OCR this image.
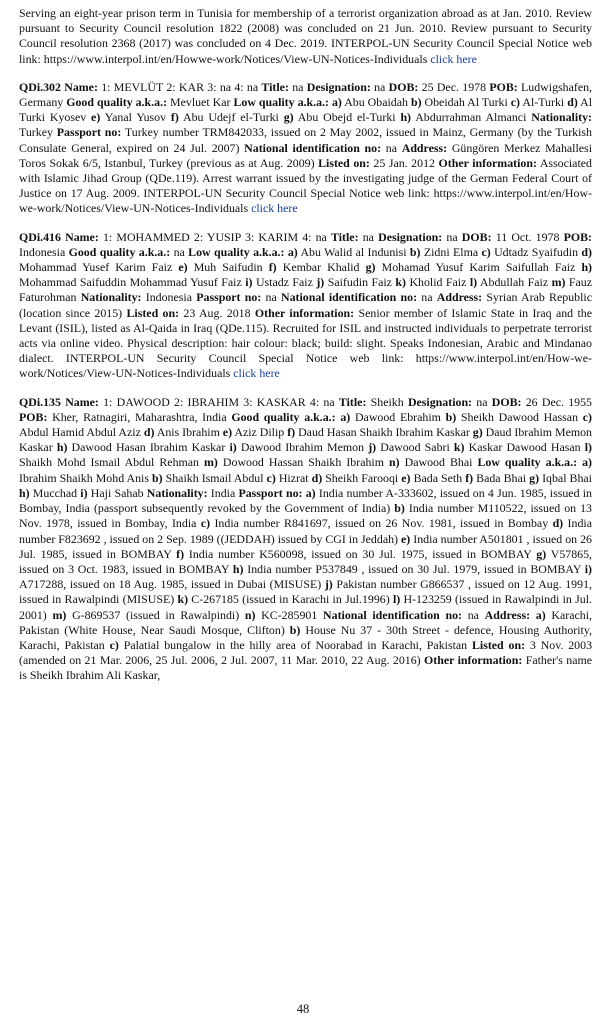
Serving an eight-year prison term in Tunisia for membership of a terrorist organization abroad as at Jan. 2010. Review pursuant to Security Council resolution 1822 (2008) was concluded on 21 Jun. 2010. Review pursuant to Security Council resolution 2368 (2017) was concluded on 4 Dec. 2019. INTERPOL-UN Security Council Special Notice web link: https://www.interpol.int/en/Howwe-work/Notices/View-UN-Notices-Individuals click here

QDi.302 Name: 1: MEVLÜT 2: KAR 3: na 4: na Title: na Designation: na DOB: 25 Dec. 1978 POB: Ludwigshafen, Germany Good quality a.k.a.: Mevluet Kar Low quality a.k.a.: a) Abu Obaidah b) Obeidah Al Turki c) Al-Turki d) Al Turki Kyosev e) Yanal Yusov f) Abu Udejf el-Turki g) Abu Obejd el-Turki h) Abdurrahman Almanci Nationality: Turkey Passport no: Turkey number TRM842033, issued on 2 May 2002, issued in Mainz, Germany (by the Turkish Consulate General, expired on 24 Jul. 2007) National identification no: na Address: Güngören Merkez Mahallesi Toros Sokak 6/5, Istanbul, Turkey (previous as at Aug. 2009) Listed on: 25 Jan. 2012 Other information: Associated with Islamic Jihad Group (QDe.119). Arrest warrant issued by the investigating judge of the German Federal Court of Justice on 17 Aug. 2009. INTERPOL-UN Security Council Special Notice web link: https://www.interpol.int/en/How-we-work/Notices/View-UN-Notices-Individuals click here

QDi.416 Name: 1: MOHAMMED 2: YUSIP 3: KARIM 4: na Title: na Designation: na DOB: 11 Oct. 1978 POB: Indonesia Good quality a.k.a.: na Low quality a.k.a.: a) Abu Walid al Indunisi b) Zidni Elma c) Udtadz Syaifudin d) Mohammad Yusef Karim Faiz e) Muh Saifudin f) Kembar Khalid g) Mohamad Yusuf Karim Saifullah Faiz h) Mohammad Saifuddin Mohammad Yusuf Faiz i) Ustadz Faiz j) Saifudin Faiz k) Kholid Faiz l) Abdullah Faiz m) Fauz Faturohman Nationality: Indonesia Passport no: na National identification no: na Address: Syrian Arab Republic (location since 2015) Listed on: 23 Aug. 2018 Other information: Senior member of Islamic State in Iraq and the Levant (ISIL), listed as Al-Qaida in Iraq (QDe.115). Recruited for ISIL and instructed individuals to perpetrate terrorist acts via online video. Physical description: hair colour: black; build: slight. Speaks Indonesian, Arabic and Mindanao dialect. INTERPOL-UN Security Council Special Notice web link: https://www.interpol.int/en/How-we-work/Notices/View-UN-Notices-Individuals click here

QDi.135 Name: 1: DAWOOD 2: IBRAHIM 3: KASKAR 4: na Title: Sheikh Designation: na DOB: 26 Dec. 1955 POB: Kher, Ratnagiri, Maharashtra, India Good quality a.k.a.: a) Dawood Ebrahim b) Sheikh Dawood Hassan c) Abdul Hamid Abdul Aziz d) Anis Ibrahim e) Aziz Dilip f) Daud Hasan Shaikh Ibrahim Kaskar g) Daud Ibrahim Memon Kaskar h) Dawood Hasan Ibrahim Kaskar i) Dawood Ibrahim Memon j) Dawood Sabri k) Kaskar Dawood Hasan l) Shaikh Mohd Ismail Abdul Rehman m) Dowood Hassan Shaikh Ibrahim n) Dawood Bhai Low quality a.k.a.: a) Ibrahim Shaikh Mohd Anis b) Shaikh Ismail Abdul c) Hizrat d) Sheikh Farooqi e) Bada Seth f) Bada Bhai g) Iqbal Bhai h) Mucchad i) Haji Sahab Nationality: India Passport no: a) India number A-333602, issued on 4 Jun. 1985, issued in Bombay, India (passport subsequently revoked by the Government of India) b) India number M110522, issued on 13 Nov. 1978, issued in Bombay, India c) India number R841697, issued on 26 Nov. 1981, issued in Bombay d) India number F823692 , issued on 2 Sep. 1989 ((JEDDAH) issued by CGI in Jeddah) e) India number A501801 , issued on 26 Jul. 1985, issued in BOMBAY f) India number K560098, issued on 30 Jul. 1975, issued in BOMBAY g) V57865, issued on 3 Oct. 1983, issued in BOMBAY h) India number P537849 , issued on 30 Jul. 1979, issued in BOMBAY i) A717288, issued on 18 Aug. 1985, issued in Dubai (MISUSE) j) Pakistan number G866537 , issued on 12 Aug. 1991, issued in Rawalpindi (MISUSE) k) C-267185 (issued in Karachi in Jul.1996) l) H-123259 (issued in Rawalpindi in Jul. 2001) m) G-869537 (issued in Rawalpindi) n) KC-285901 National identification no: na Address: a) Karachi, Pakistan (White House, Near Saudi Mosque, Clifton) b) House Nu 37 - 30th Street - defence, Housing Authority, Karachi, Pakistan c) Palatial bungalow in the hilly area of Noorabad in Karachi, Pakistan Listed on: 3 Nov. 2003 (amended on 21 Mar. 2006, 25 Jul. 2006, 2 Jul. 2007, 11 Mar. 2010, 22 Aug. 2016) Other information: Father's name is Sheikh Ibrahim Ali Kaskar,

48
